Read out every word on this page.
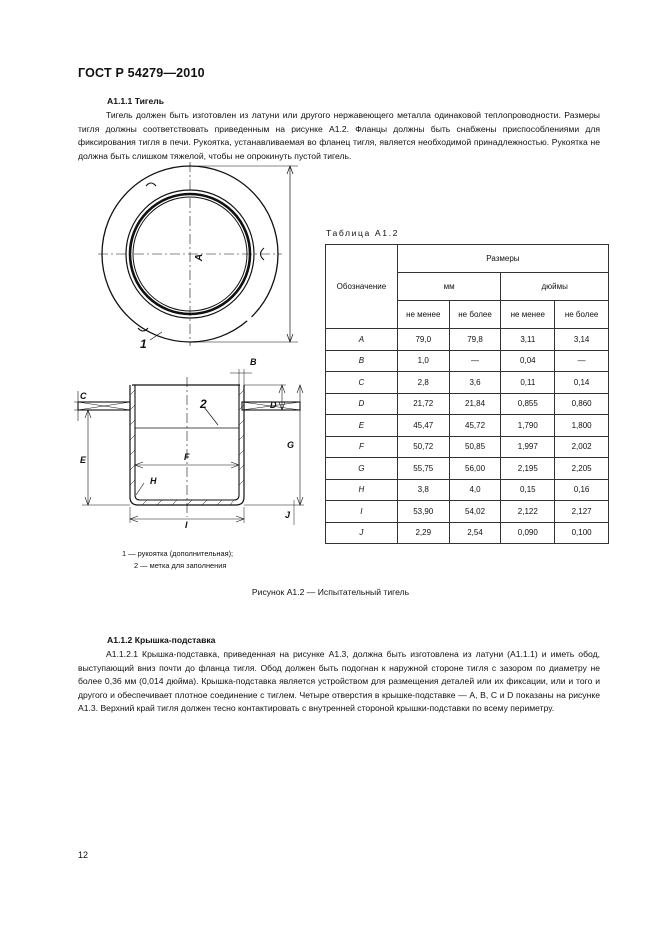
ГОСТ Р 54279—2010
А1.1.1 Тигель
Тигель должен быть изготовлен из латуни или другого нержавеющего металла одинаковой теплопроводности. Размеры тигля должны соответствовать приведенным на рисунке А1.2. Фланцы должны быть снабжены приспособлениями для фиксирования тигля в печи. Рукоятка, устанавливаемая во фланец тигля, является необходимой принадлежностью. Рукоятка не должна быть слишком тяжелой, чтобы не опрокинуть пустой тигель.
A
1
C
E
B
2	D
F
G
H
I
J
1 — рукоятка (дополнительная);
2 — метка для заполнения
Таблица А1.2
Обозначение	Размеры			
	мм		дюймы	
	не менее	не более	не менее	не более
A	79,0	79,8	3,11	3,14
B	1,0	—	0,04	—
C	2,8	3,6	0,11	0,14
D	21,72	21,84	0,855	0,860
E	45,47	45,72	1,790	1,800
F	50,72	50,85	1,997	2,002
G	55,75	56,00	2,195	2,205
H	3,8	4,0	0,15	0,16
I	53,90	54,02	2,122	2,127
J	2,29	2,54	0,090	0,100
Рисунок А1.2 — Испытательный тигель
А1.1.2 Крышка-подставка
А1.1.2.1 Крышка-подставка, приведенная на рисунке А1.3, должна быть изготовлена из латуни (А1.1.1) и иметь обод, выступающий вниз почти до фланца тигля. Обод должен быть подогнан к наружной стороне тигля с зазором по диаметру не более 0,36 мм (0,014 дюйма). Крышка-подставка является устройством для размещения деталей или их фиксации, или и того и другого и обеспечивает плотное соединение с тиглем. Четыре отверстия в крышке-подставке — A, B, C и D показаны на рисунке А1.3. Верхний край тигля должен тесно контактировать с внутренней стороной крышки-подставки по всему периметру.
12
